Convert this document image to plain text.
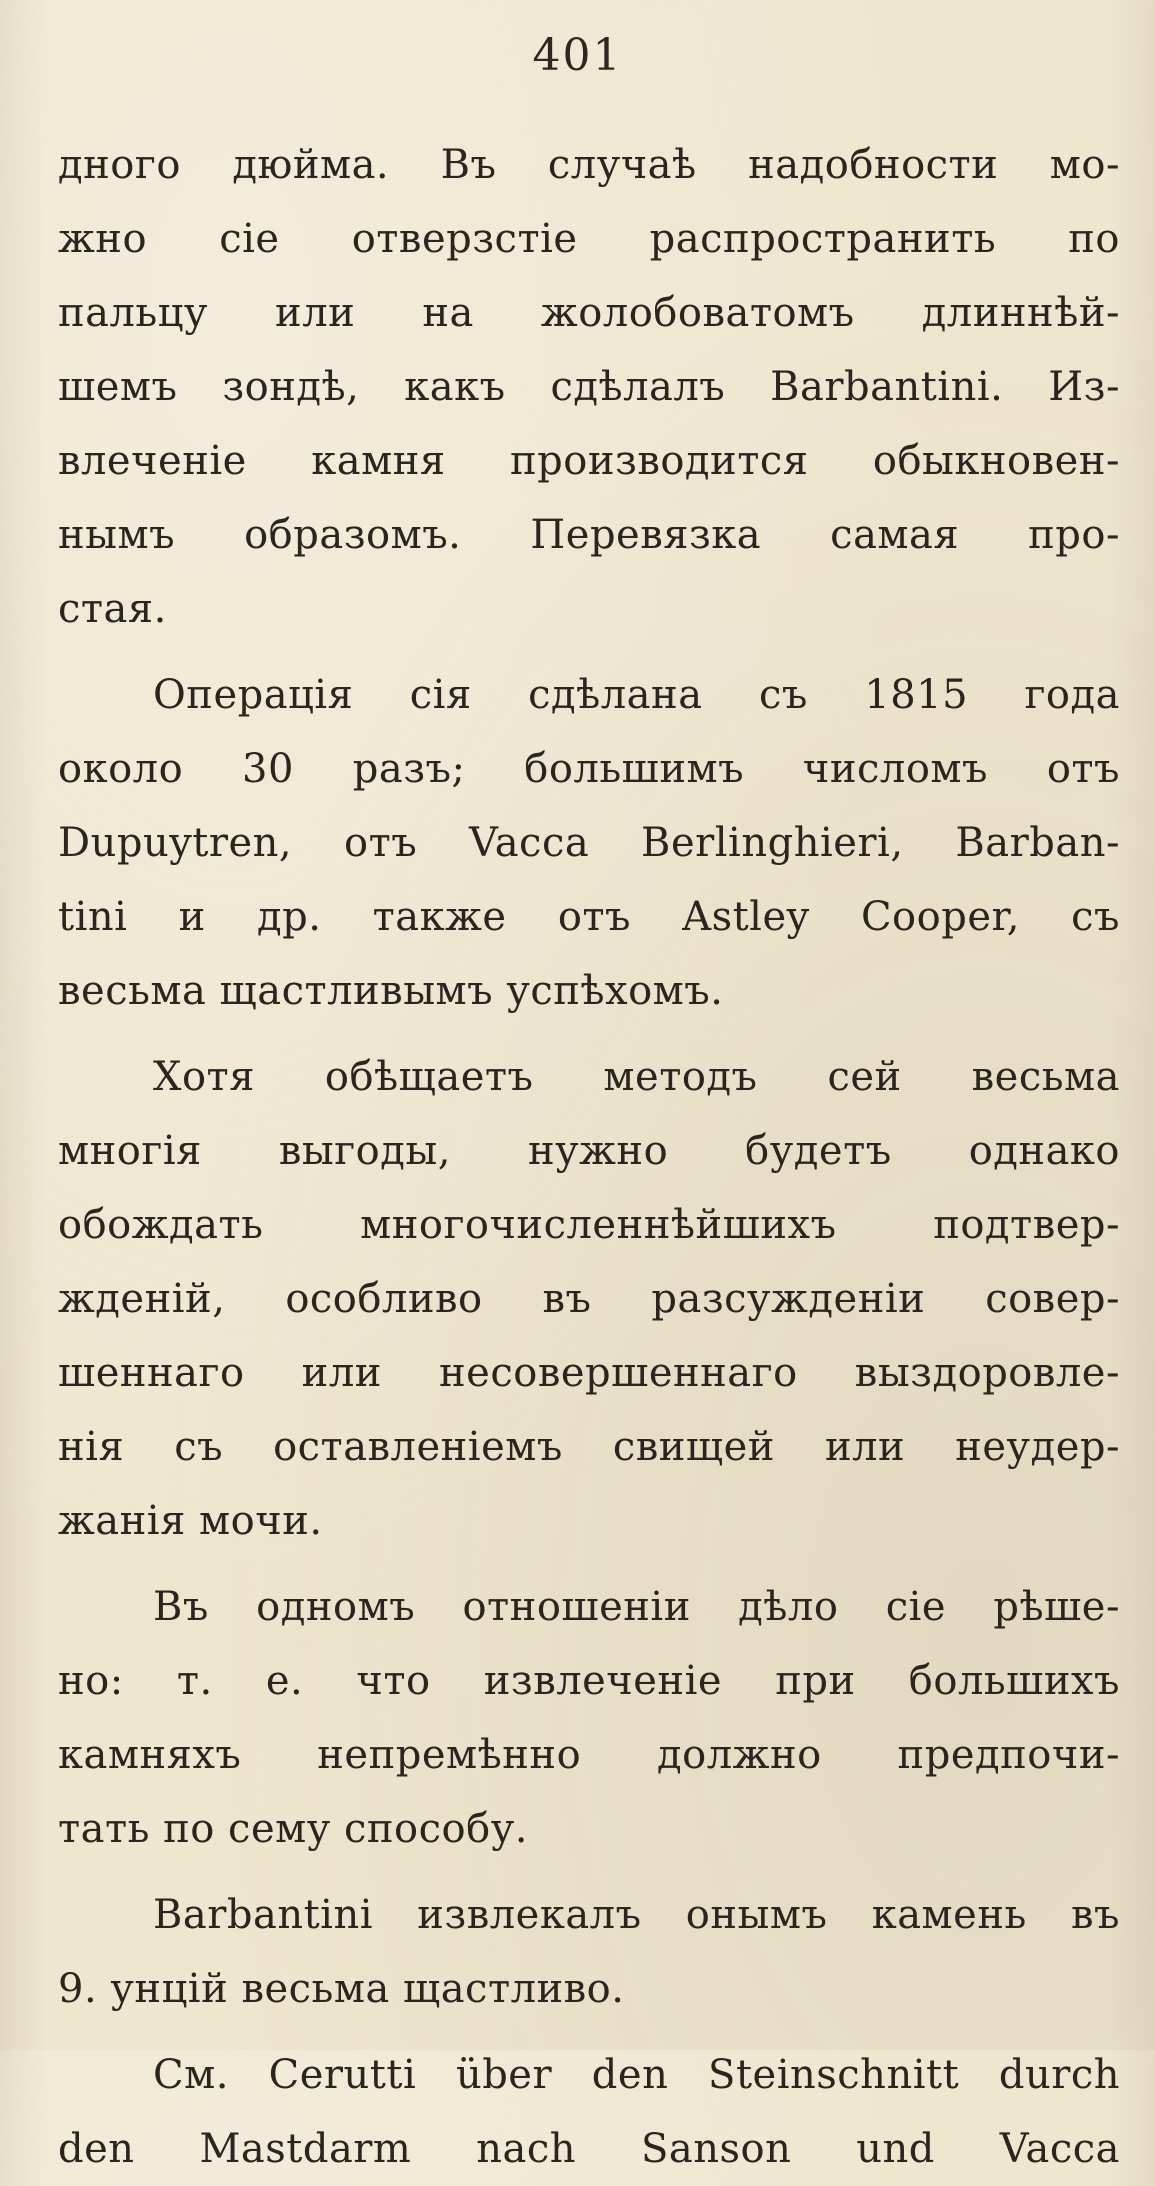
401
дного дюйма. Въ случаѣ надобности мо-
жно сіе отверзстіе распространить по
пальцу или на жолобоватомъ длиннѣй-
шемъ зондѣ, какъ сдѣлалъ Barbantini. Из-
влеченіе камня производится обыкновен-
нымъ образомъ. Перевязка самая про-
стая.
Операція сія сдѣлана съ 1815 года
около 30 разъ; большимъ числомъ отъ
Dupuytren, отъ Vacca Berlinghieri, Barban-
tini и др. также отъ Astley Cooper, съ
весьма щастливымъ успѣхомъ.
Хотя обѣщаетъ методъ сей весьма
многія выгоды, нужно будетъ однако
обождать многочисленнѣйшихъ подтвер-
жденій, особливо въ разсужденіи совер-
шеннаго или несовершеннаго выздоровле-
нія съ оставленіемъ свищей или неудер-
жанія мочи.
Въ одномъ отношеніи дѣло сіе рѣше-
но: т. е. что извлеченіе при большихъ
камняхъ непремѣнно должно предпочи-
тать по сему способу.
Barbantini извлекалъ онымъ камень въ
9. унцій весьма щастливо.
См. Cerutti über den Steinschnitt durch
den Mastdarm nach Sanson und Vacca
